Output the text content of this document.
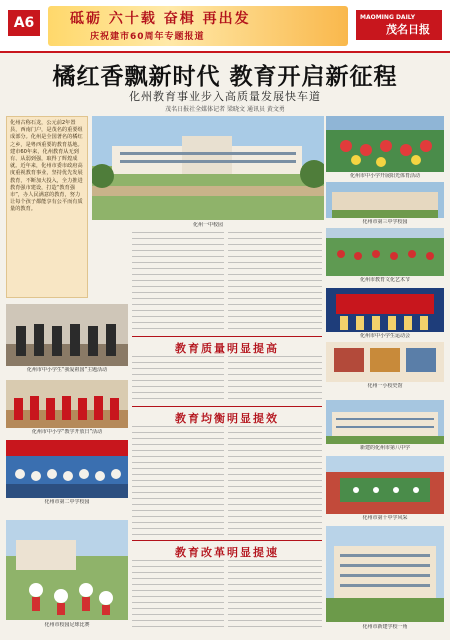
A6	砥砺 六十载 奋楫 再出发
庆祝建市60周年专题报道
MAOMING DAILY
茂名日报
橘红香飘新时代 教育开启新征程
化州教育事业步入高质量发展快车道
茂名日报社全媒体记者 梁晓文 通讯员 黄文勇
化州古称石龙，公元前2年置县，西南门户，是茂名的重要组成部分。化州是全国著名的橘红之乡，是粤西重要的教育基地。建市60年来，化州教育从无到有、从弱到强，取得了辉煌成就。近年来，化州市委市政府高度重视教育事业，坚持优先发展教育，不断加大投入，全力推进教育强市建设，打造“教育强市”，办人民满意的教育，努力让每个孩子都能享有公平而有质量的教育。
化州一中校园
化州市中小学开展阳光体育活动
化州市第三中学校园
化州市教育文化艺术节
化州市中小学生“我爱祖国”主题活动
教育质量明显提高
化州市中小学生运动会
化州一小校史馆
化州市中小学“教学开放日”活动
化州市第二中学校园
化州市校园足球比赛
教育均衡明显提效
教育改革明显提速
新建的化州市第八中学
化州市第十中学风采
化州市新建学校一角
